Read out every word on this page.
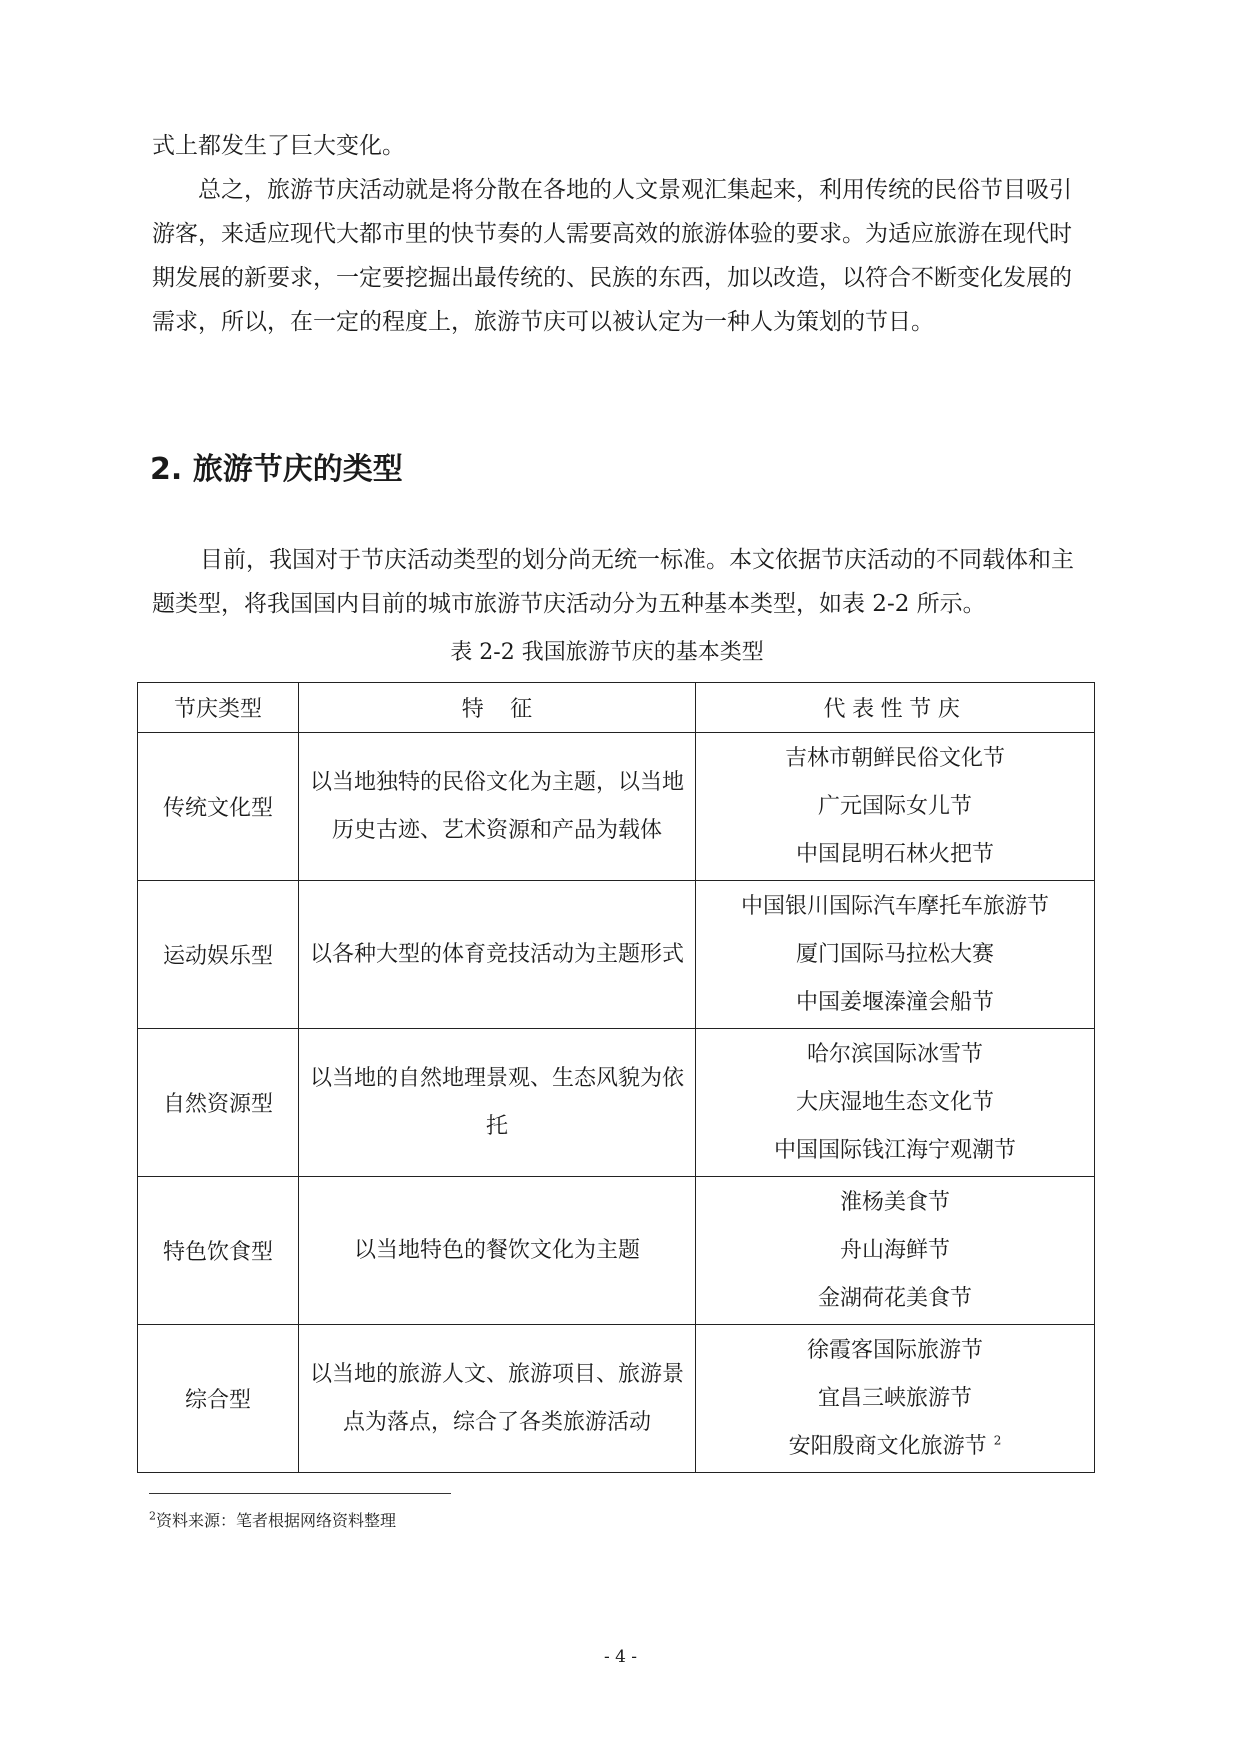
式上都发生了巨大变化。

总之，旅游节庆活动就是将分散在各地的人文景观汇集起来，利用传统的民俗节目吸引游客，来适应现代大都市里的快节奏的人需要高效的旅游体验的要求。为适应旅游在现代时期发展的新要求，一定要挖掘出最传统的、民族的东西，加以改造，以符合不断变化发展的需求，所以，在一定的程度上，旅游节庆可以被认定为一种人为策划的节日。

2. 旅游节庆的类型

目前，我国对于节庆活动类型的划分尚无统一标准。本文依据节庆活动的不同载体和主题类型，将我国国内目前的城市旅游节庆活动分为五种基本类型，如表 2-2 所示。

表 2-2 我国旅游节庆的基本类型

节庆类型	特征	代表性节庆
传统文化型	以当地独特的民俗文化为主题，以当地历史古迹、艺术资源和产品为载体	吉林市朝鲜民俗文化节
广元国际女儿节
中国昆明石林火把节

运动娱乐型	以各种大型的体育竞技活动为主题形式	中国银川国际汽车摩托车旅游节
厦门国际马拉松大赛
中国姜堰溱潼会船节

自然资源型	以当地的自然地理景观、生态风貌为依托	哈尔滨国际冰雪节
大庆湿地生态文化节
中国国际钱江海宁观潮节

特色饮食型	以当地特色的餐饮文化为主题	淮杨美食节
舟山海鲜节
金湖荷花美食节

综合型	以当地的旅游人文、旅游项目、旅游景点为落点，综合了各类旅游活动	徐霞客国际旅游节
宜昌三峡旅游节
安阳殷商文化旅游节 $^2$

$^2$资料来源：笔者根据网络资料整理

- 4 -
